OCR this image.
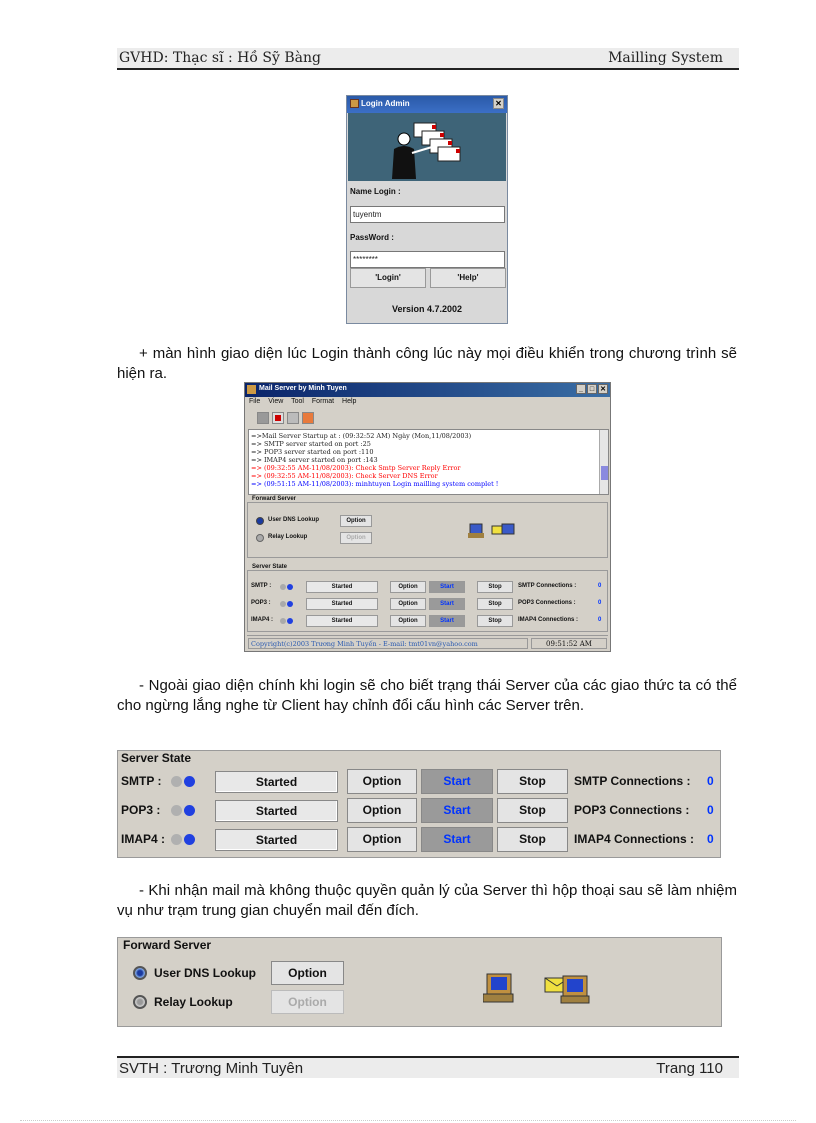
GVHD: Thạc sĩ : Hồ Sỹ Bàng	Mailling System
Login Admin	✕
Name Login :
tuyentm
PassWord :
********
'Login'	'Help'
Version 4.7.2002
+ màn hình giao diện lúc Login thành công lúc này mọi điều khiển trong chương trình sẽ hiện ra.
Mail Server by Minh Tuyen	_ □ ✕
File View Tool Format Help
=>Mail Server Startup at : (09:32:52 AM) Ngày (Mon,11/08/2003)
=> SMTP server started on port :25
=> POP3 server started on port :110
=> IMAP4 server started on port :143
=> (09:32:55 AM-11/08/2003): Check Smtp Server Reply Error
=> (09:32:55 AM-11/08/2003): Check Server DNS Error
=> (09:51:15 AM-11/08/2003): minhtuyen Login mailling system complet !
Forward Server
User DNS Lookup	Option
Relay Lookup	Option
Server State
SMTP :	Started	Option	Start	Stop	SMTP Connections :	0
POP3 :	Started	Option	Start	Stop	POP3 Connections :	0
IMAP4 :	Started	Option	Start	Stop	IMAP4 Connections :	0
Copyright(c)2003 Trương Minh Tuyến - E-mail: tmt01vn@yahoo.com	09:51:52 AM
- Ngoài giao diện chính khi login sẽ cho biết trạng thái Server của các giao thức ta có thể cho ngừng lắng nghe từ Client hay chỉnh đổi cấu hình các Server trên.
Server State
SMTP :	Started	Option	Start	Stop	SMTP Connections : 0
POP3 :	Started	Option	Start	Stop	POP3 Connections : 0
IMAP4 :	Started	Option	Start	Stop	IMAP4 Connections : 0
- Khi nhận mail mà không thuộc quyền quản lý của Server thì hộp thoại sau sẽ làm nhiệm vụ như trạm trung gian chuyển mail đến đích.
Forward Server
User DNS Lookup	Option
Relay Lookup	Option
SVTH : Trương Minh Tuyên	Trang 110
